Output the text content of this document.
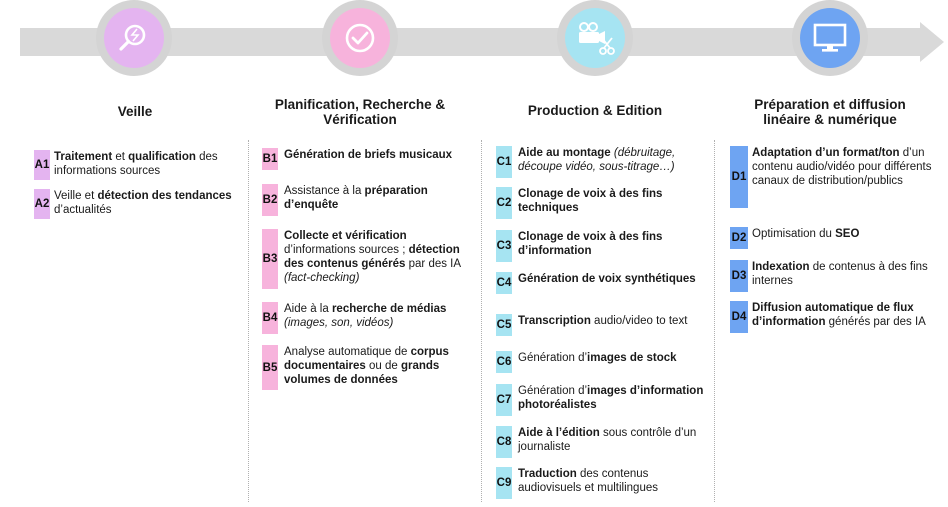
Veille	Planification, Recherche & Vérification
Production & Edition	Préparation et diffusion linéaire & numérique
A1
Traitement et qualification des informations sources
A2
Veille et détection des tendances d’actualités
B1 Génération de briefs musicaux
B2
Assistance à la préparation d’enquête
B3
Collecte et vérification d’informations sources ; détection des contenus générés par des IA (fact-checking)
B4
Aide à la recherche de médias (images, son, vidéos)
B5
Analyse automatique de corpus documentaires ou de grands volumes de données
C1
Aide au montage (débruitage, découpe vidéo, sous-titrage…)
C2
Clonage de voix à des fins techniques
C3
Clonage de voix à des fins d’information
C4 Génération de voix synthétiques
C5 Transcription audio/video to text
C6 Génération d’images de stock
C7
Génération d’images d’information photoréalistes
C8
Aide à l’édition sous contrôle d’un journaliste
C9
Traduction des contenus audiovisuels et multilingues
D1
Adaptation d’un format/ton d’un contenu audio/vidéo pour différents canaux de distribution/publics
D2 Optimisation du SEO
D3
Indexation de contenus à des fins internes
D4
Diffusion automatique de flux d’information générés par des IA
